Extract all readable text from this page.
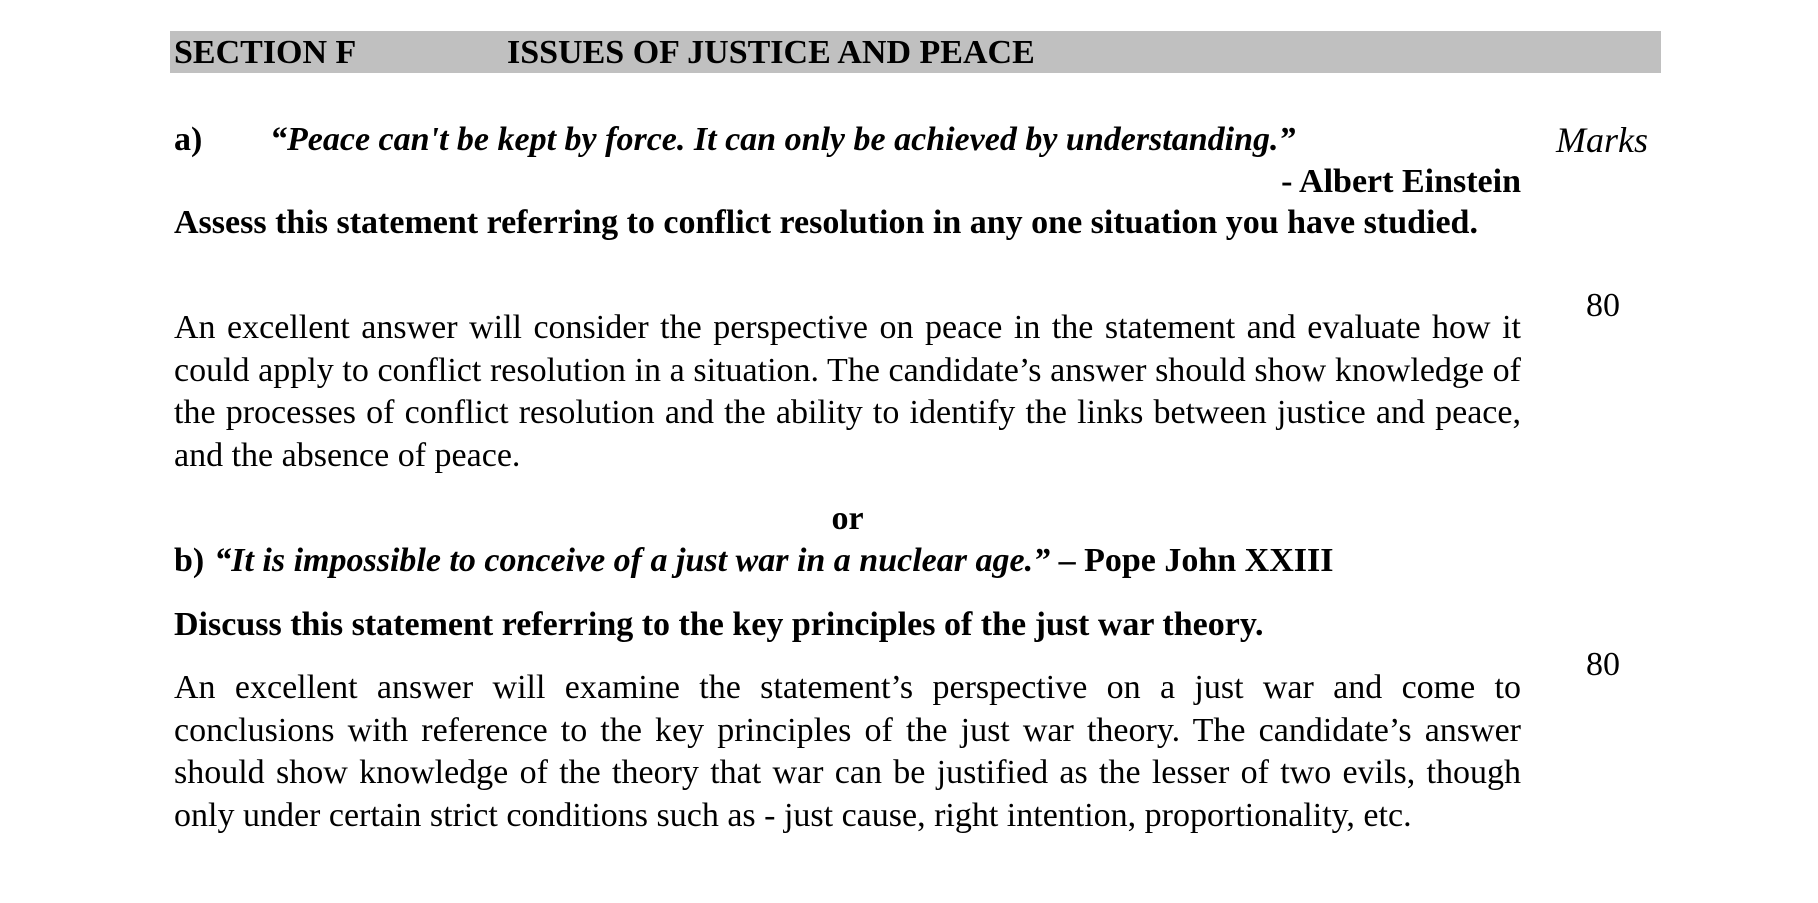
SECTION F	ISSUES OF JUSTICE AND PEACE
a) “Peace can't be kept by force. It can only be achieved by understanding.”	Marks
- Albert Einstein
Assess this statement referring to conflict resolution in any one situation you have studied.
80
An excellent answer will consider the perspective on peace in the statement and evaluate how it could apply to conflict resolution in a situation. The candidate’s answer should show knowledge of the processes of conflict resolution and the ability to identify the links between justice and peace, and the absence of peace.
or
b) “It is impossible to conceive of a just war in a nuclear age.” – Pope John XXIII
Discuss this statement referring to the key principles of the just war theory.
80
An excellent answer will examine the statement’s perspective on a just war and come to conclusions with reference to the key principles of the just war theory. The candidate’s answer should show knowledge of the theory that war can be justified as the lesser of two evils, though only under certain strict conditions such as - just cause, right intention, proportionality, etc.
